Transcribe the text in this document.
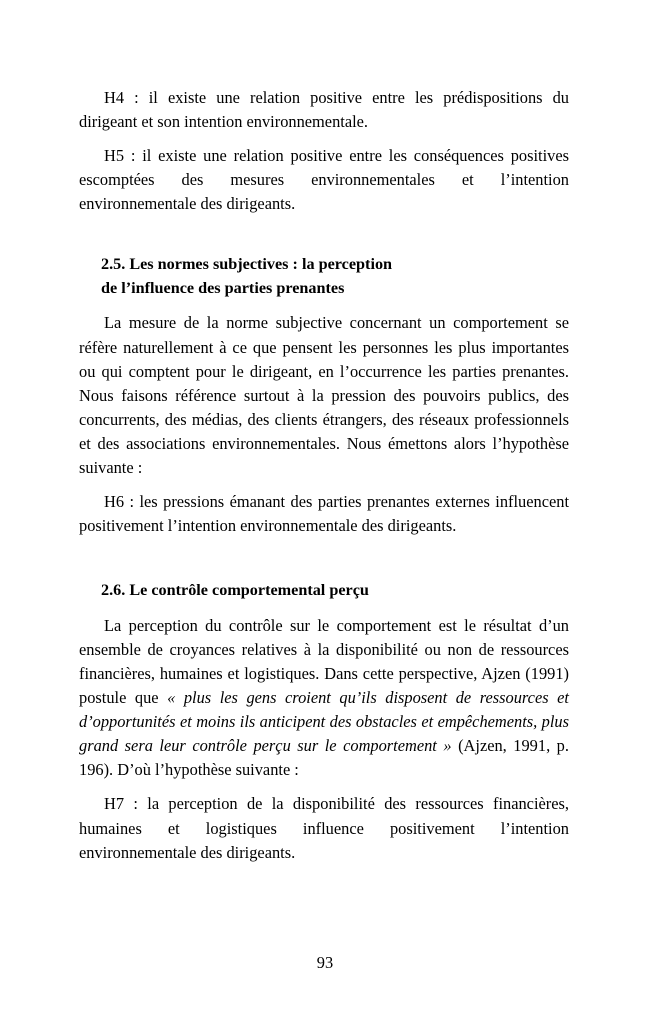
H4 : il existe une relation positive entre les prédispositions du dirigeant et son intention environnementale.

H5 : il existe une relation positive entre les conséquences positives escomptées des mesures environnementales et l’intention environnementale des dirigeants.

2.5. Les normes subjectives : la perception
de l’influence des parties prenantes

La mesure de la norme subjective concernant un comportement se réfère naturellement à ce que pensent les personnes les plus importantes ou qui comptent pour le dirigeant, en l’occurrence les parties prenantes. Nous faisons référence surtout à la pression des pouvoirs publics, des concurrents, des médias, des clients étrangers, des réseaux professionnels et des associations environnementales. Nous émettons alors l’hypothèse suivante :

H6 : les pressions émanant des parties prenantes externes influencent positivement l’intention environnementale des dirigeants.

2.6. Le contrôle comportemental perçu

La perception du contrôle sur le comportement est le résultat d’un ensemble de croyances relatives à la disponibilité ou non de ressources financières, humaines et logistiques. Dans cette perspective, Ajzen (1991) postule que « plus les gens croient qu’ils disposent de ressources et d’opportunités et moins ils anticipent des obstacles et empêchements, plus grand sera leur contrôle perçu sur le comportement » (Ajzen, 1991, p. 196). D’où l’hypothèse suivante :

H7 : la perception de la disponibilité des ressources financières, humaines et logistiques influence positivement l’intention environnementale des dirigeants.

93
